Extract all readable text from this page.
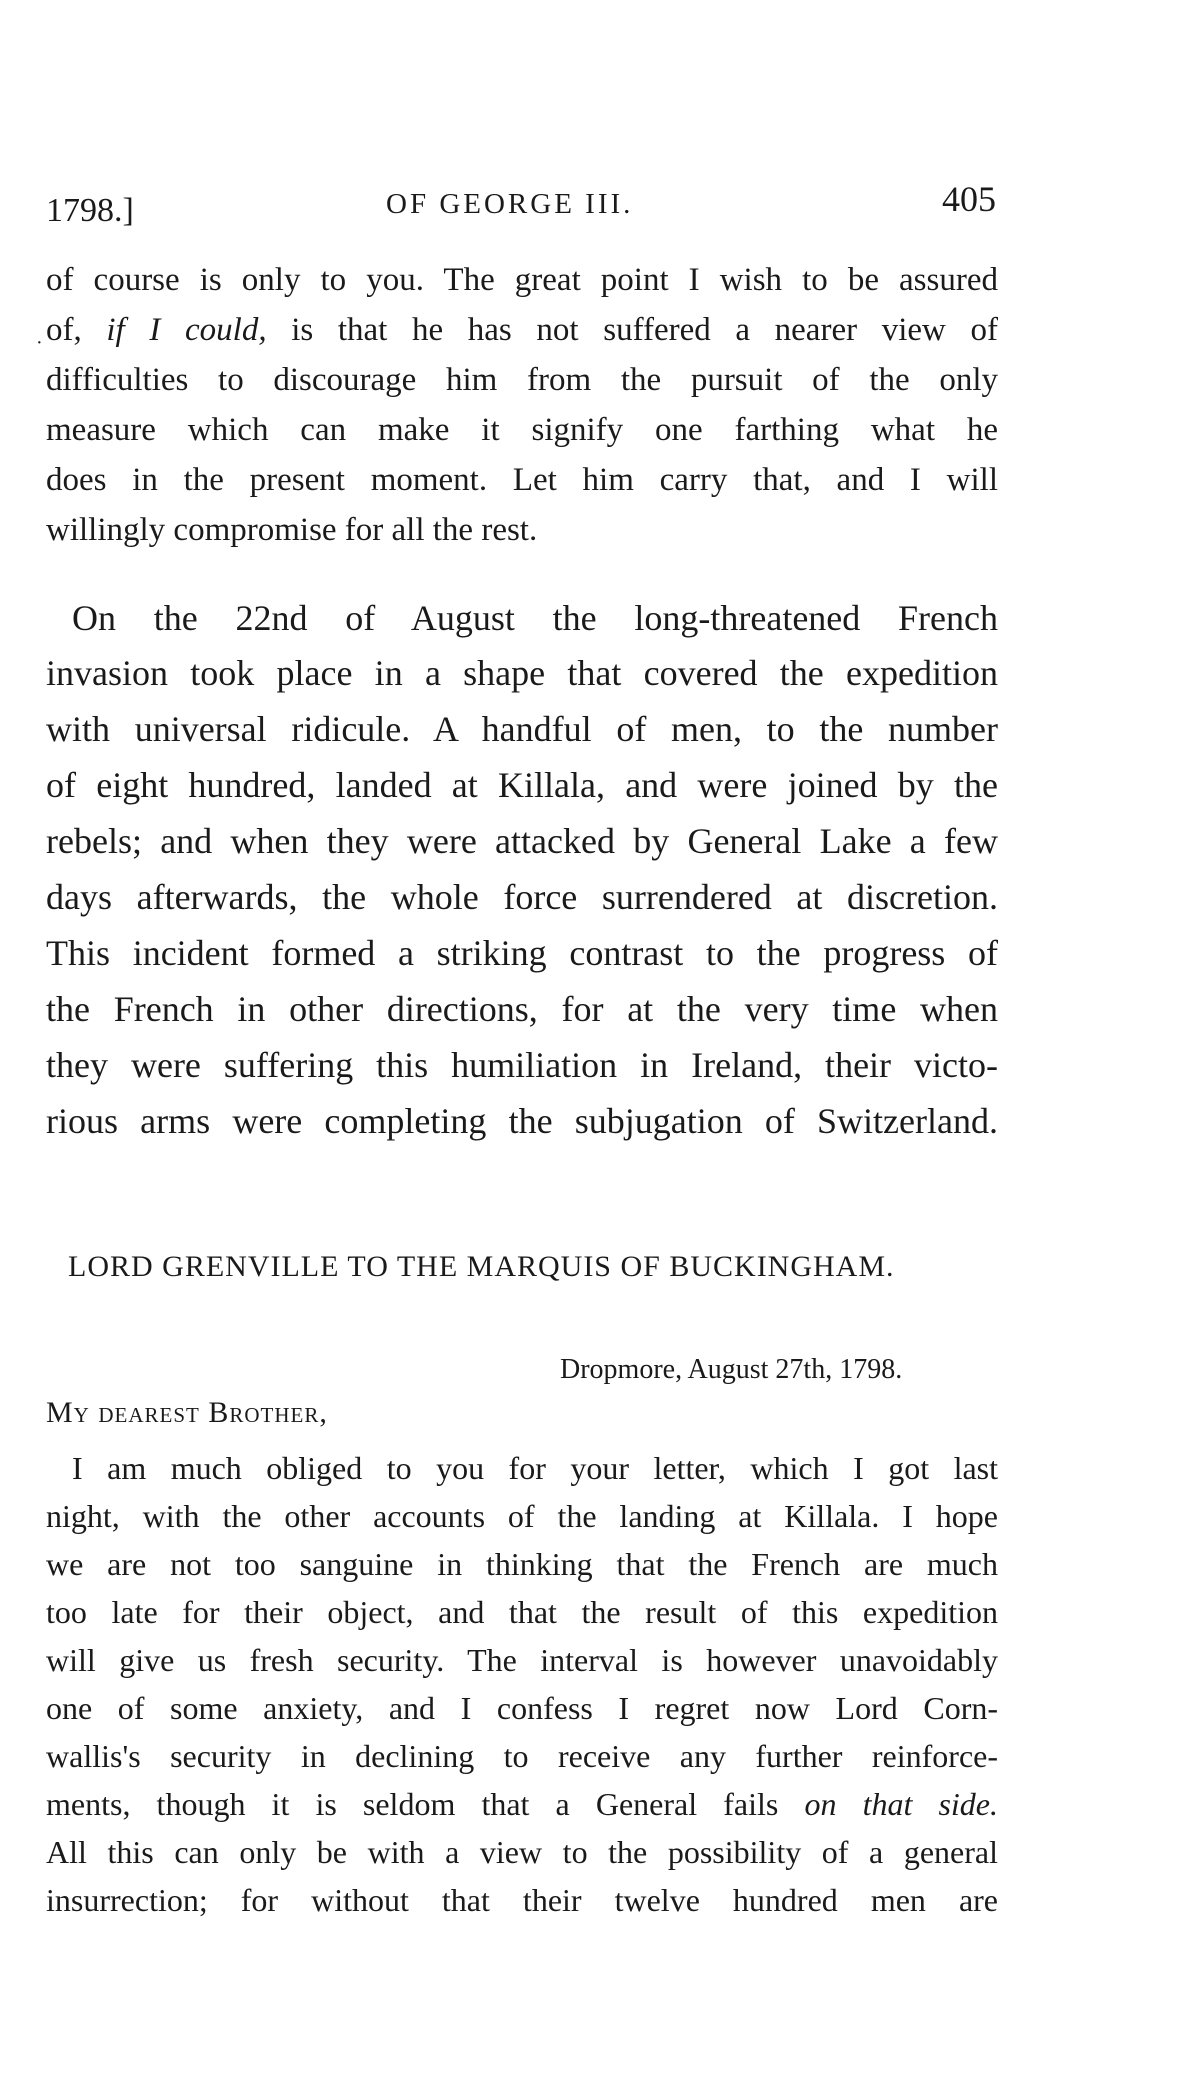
1798.]	OF GEORGE III.	405

of course is only to you. The great point I wish to be assured

· of, if I could, is that he has not suffered a nearer view of

difficulties to discourage him from the pursuit of the only

measure which can make it signify one farthing what he

does in the present moment. Let him carry that, and I will

willingly compromise for all the rest.

On the 22nd of August the long-threatened French

invasion took place in a shape that covered the expedition

with universal ridicule. A handful of men, to the number

of eight hundred, landed at Killala, and were joined by the

rebels; and when they were attacked by General Lake a few

days afterwards, the whole force surrendered at discretion.

This incident formed a striking contrast to the progress of

the French in other directions, for at the very time when

they were suffering this humiliation in Ireland, their victo-

rious arms were completing the subjugation of Switzerland.

LORD GRENVILLE TO THE MARQUIS OF BUCKINGHAM.
Dropmore, August 27th, 1798.
My dearest Brother,

I am much obliged to you for your letter, which I got last

night, with the other accounts of the landing at Killala. I hope

we are not too sanguine in thinking that the French are much

too late for their object, and that the result of this expedition

will give us fresh security. The interval is however unavoidably

one of some anxiety, and I confess I regret now Lord Corn-

wallis's security in declining to receive any further reinforce-

ments, though it is seldom that a General fails on that side.

All this can only be with a view to the possibility of a general

insurrection; for without that their twelve hundred men are
